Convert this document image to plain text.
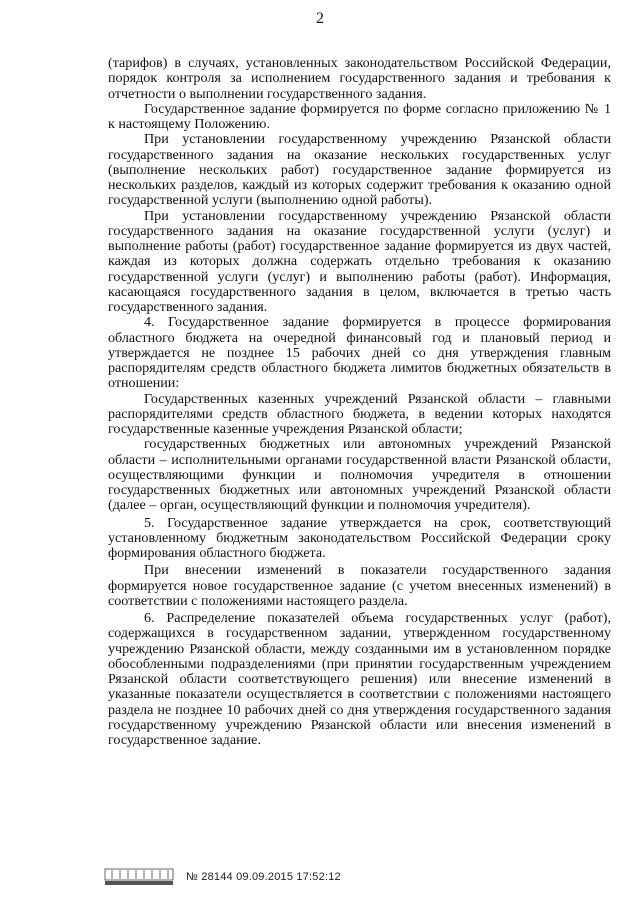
2

(тарифов) в случаях, установленных законодательством Российской Федерации, порядок контроля за исполнением государственного задания и требования к отчетности о выполнении государственного задания.

Государственное задание формируется по форме согласно приложению № 1 к настоящему Положению.

При установлении государственному учреждению Рязанской области государственного задания на оказание нескольких государственных услуг (выполнение нескольких работ) государственное задание формируется из нескольких разделов, каждый из которых содержит требования к оказанию одной государственной услуги (выполнению одной работы).

При установлении государственному учреждению Рязанской области государственного задания на оказание государственной услуги (услуг) и выполнение работы (работ) государственное задание формируется из двух частей, каждая из которых должна содержать отдельно требования к оказанию государственной услуги (услуг) и выполнению работы (работ). Информация, касающаяся государственного задания в целом, включается в третью часть государственного задания.

4. Государственное задание формируется в процессе формирования областного бюджета на очередной финансовый год и плановый период и утверждается не позднее 15 рабочих дней со дня утверждения главным распорядителям средств областного бюджета лимитов бюджетных обязательств в отношении:

Государственных казенных учреждений Рязанской области – главными распорядителями средств областного бюджета, в ведении которых находятся государственные казенные учреждения Рязанской области;

государственных бюджетных или автономных учреждений Рязанской области – исполнительными органами государственной власти Рязанской области, осуществляющими функции и полномочия учредителя в отношении государственных бюджетных или автономных учреждений Рязанской области (далее – орган, осуществляющий функции и полномочия учредителя).

5. Государственное задание утверждается на срок, соответствующий установленному бюджетным законодательством Российской Федерации сроку формирования областного бюджета.

При внесении изменений в показатели государственного задания формируется новое государственное задание (с учетом внесенных изменений) в соответствии с положениями настоящего раздела.

6. Распределение показателей объема государственных услуг (работ), содержащихся в государственном задании, утвержденном государственному учреждению Рязанской области, между созданными им в установленном порядке обособленными подразделениями (при принятии государственным учреждением Рязанской области соответствующего решения) или внесение изменений в указанные показатели осуществляется в соответствии с положениями настоящего раздела не позднее 10 рабочих дней со дня утверждения государственного задания государственному учреждению Рязанской области или внесения изменений в государственное задание.

№ 28144 09.09.2015 17:52:12
